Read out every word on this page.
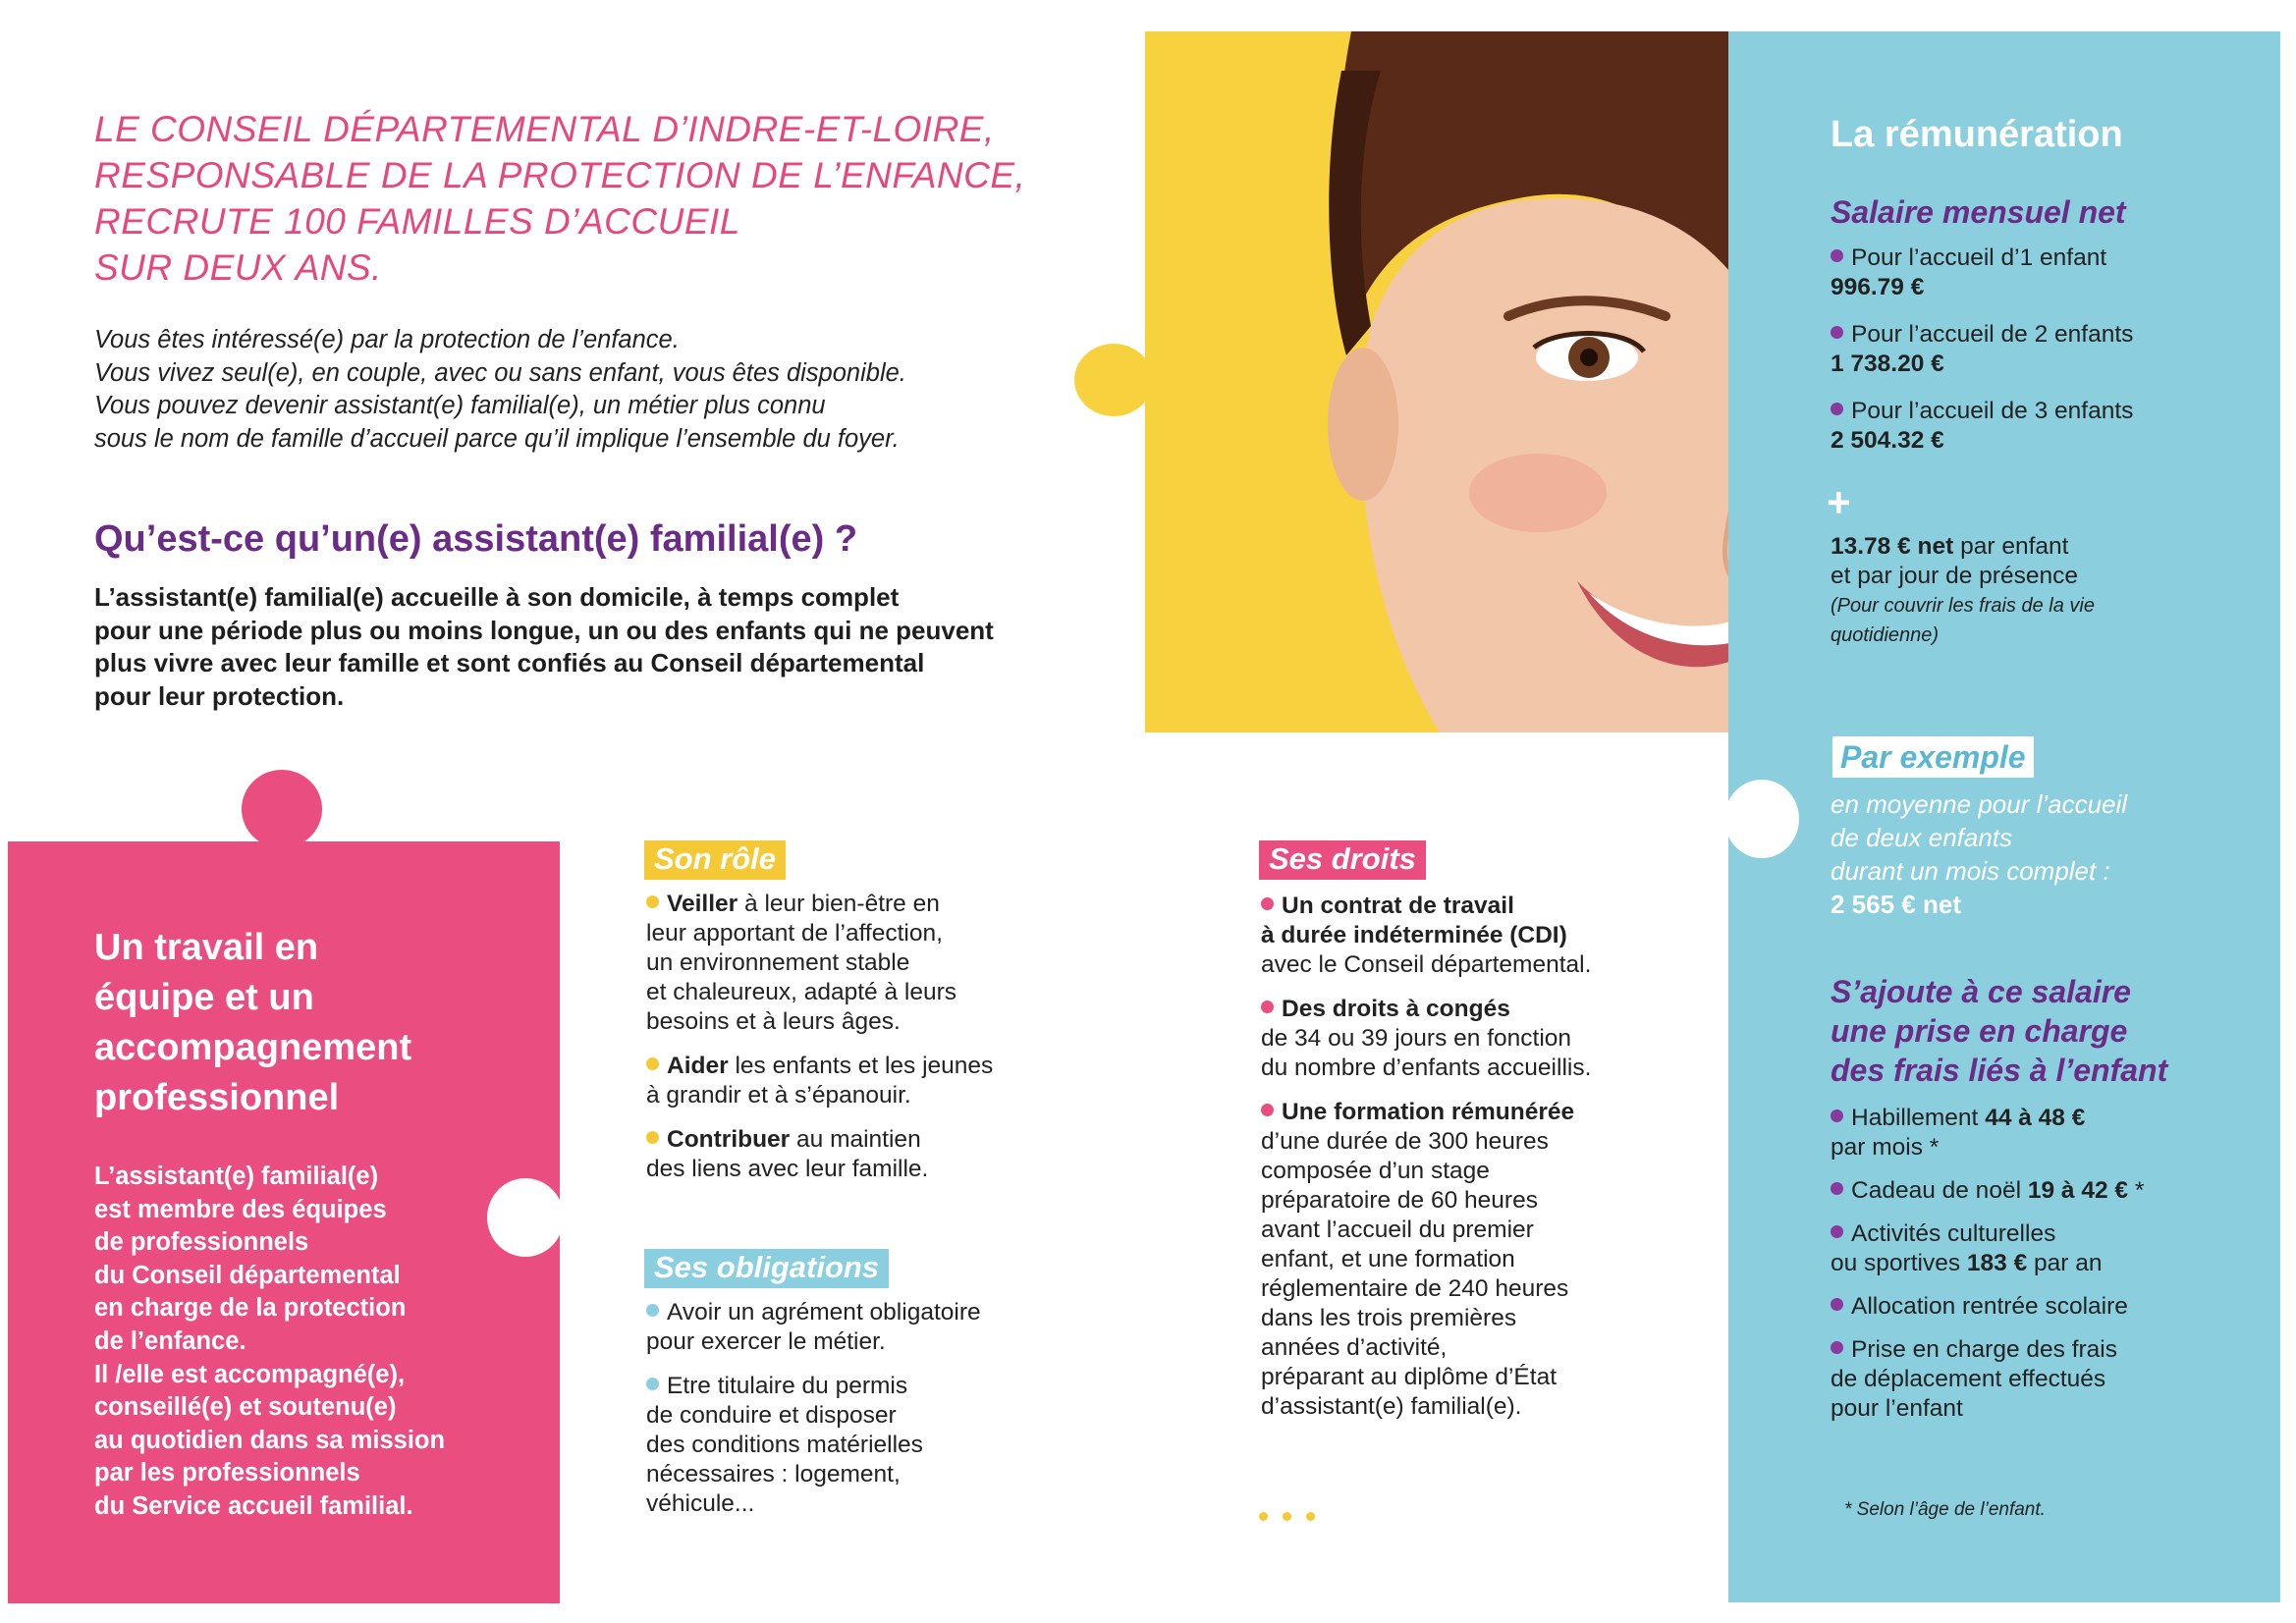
LE CONSEIL DÉPARTEMENTAL D’INDRE-ET-LOIRE,
RESPONSABLE DE LA PROTECTION DE L’ENFANCE,
RECRUTE 100 FAMILLES D’ACCUEIL
SUR DEUX ANS.
Vous êtes intéressé(e) par la protection de l’enfance.
Vous vivez seul(e), en couple, avec ou sans enfant, vous êtes disponible.
Vous pouvez devenir assistant(e) familial(e), un métier plus connu
sous le nom de famille d’accueil parce qu’il implique l’ensemble du foyer.
Qu’est-ce qu’un(e) assistant(e) familial(e) ?
L’assistant(e) familial(e) accueille à son domicile, à temps complet
pour une période plus ou moins longue, un ou des enfants qui ne peuvent
plus vivre avec leur famille et sont confiés au Conseil départemental
pour leur protection.
Un travail en
équipe et un
accompagnement
professionnel
L’assistant(e) familial(e)
est membre des équipes
de professionnels
du Conseil départemental
en charge de la protection
de l’enfance.
Il /elle est accompagné(e),
conseillé(e) et soutenu(e)
au quotidien dans sa mission
par les professionnels
du Service accueil familial.
Son rôle
Veiller à leur bien-être en
leur apportant de l’affection,
un environnement stable
et chaleureux, adapté à leurs
besoins et à leurs âges.
Aider les enfants et les jeunes
à grandir et à s’épanouir.
Contribuer au maintien
des liens avec leur famille.
Ses obligations
Avoir un agrément obligatoire
pour exercer le métier.
Etre titulaire du permis
de conduire et disposer
des conditions matérielles
nécessaires : logement,
véhicule...
Ses droits
Un contrat de travail
à durée indéterminée (CDI)
avec le Conseil départemental.
Des droits à congés
de 34 ou 39 jours en fonction
du nombre d’enfants accueillis.
Une formation rémunérée
d’une durée de 300 heures
composée d’un stage
préparatoire de 60 heures
avant l’accueil du premier
enfant, et une formation
réglementaire de 240 heures
dans les trois premières
années d’activité,
préparant au diplôme d’État
d’assistant(e) familial(e).
La rémunération
Salaire mensuel net
Pour l’accueil d’1 enfant
996.79 €
Pour l’accueil de 2 enfants
1 738.20 €
Pour l’accueil de 3 enfants
2 504.32 €
+
13.78 € net par enfant
et par jour de présence
(Pour couvrir les frais de la vie
quotidienne)
Par exemple
en moyenne pour l’accueil
de deux enfants
durant un mois complet :
2 565 € net
S’ajoute à ce salaire
une prise en charge
des frais liés à l’enfant
Habillement 44 à 48 €
par mois *
Cadeau de noël 19 à 42 € *
Activités culturelles
ou sportives 183 € par an
Allocation rentrée scolaire
Prise en charge des frais
de déplacement effectués
pour l’enfant
* Selon l’âge de l’enfant.
